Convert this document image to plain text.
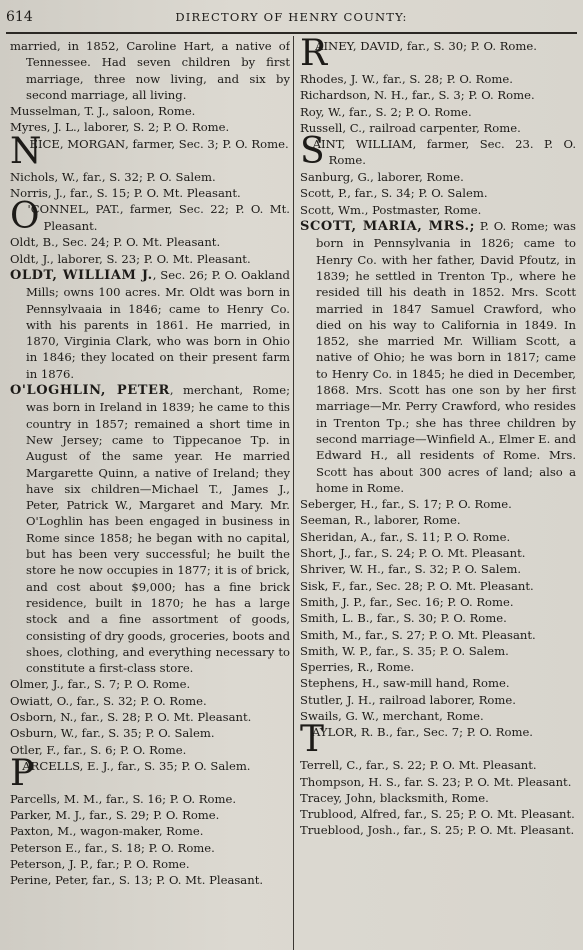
614	DIRECTORY OF HENRY COUNTY:

married, in 1852, Caroline Hart, a native of Tennessee. Had seven children by first marriage, three now living, and six by second marriage, all living.

Musselman, T. J., saloon, Rome.

Myres, J. L., laborer, S. 2; P. O. Rome.

N
EICE, MORGAN, farmer, Sec. 3; P. O. Rome.

Nichols, W., far., S. 32; P. O. Salem.

Norris, J., far., S. 15; P. O. Mt. Pleasant.

O
'CONNEL, PAT., farmer, Sec. 22; P. O. Mt. Pleasant.

Oldt, B., Sec. 24; P. O. Mt. Pleasant.

Oldt, J., laborer, S. 23; P. O. Mt. Pleasant.

OLDT, WILLIAM J., Sec. 26; P. O. Oakland Mills; owns 100 acres. Mr. Oldt was born in Pennsylvaaia in 1846; came to Henry Co. with his parents in 1861. He married, in 1870, Virginia Clark, who was born in Ohio in 1846; they located on their present farm in 1876.

O'LOGHLIN, PETER, merchant, Rome; was born in Ireland in 1839; he came to this country in 1857; remained a short time in New Jersey; came to Tippecanoe Tp. in August of the same year. He married Margarette Quinn, a native of Ireland; they have six children—Michael T., James J., Peter, Patrick W., Margaret and Mary. Mr. O'Loghlin has been engaged in business in Rome since 1858; he began with no capital, but has been very successful; he built the store he now occupies in 1877; it is of brick, and cost about $9,000; has a fine brick residence, built in 1870; he has a large stock and a fine assortment of goods, consisting of dry goods, groceries, boots and shoes, clothing, and everything necessary to constitute a first-class store.

Olmer, J., far., S. 7; P. O. Rome.

Owiatt, O., far., S. 32; P. O. Rome.

Osborn, N., far., S. 28; P. O. Mt. Pleasant.

Osburn, W., far., S. 35; P. O. Salem.

Otler, F., far., S. 6; P. O. Rome.

P
ARCELLS, E. J., far., S. 35; P. O. Salem.

Parcells, M. M., far., S. 16; P. O. Rome.

Parker, M. J., far., S. 29; P. O. Rome.

Paxton, M., wagon-maker, Rome.

Peterson E., far., S. 18; P. O. Rome.

Peterson, J. P., far.; P. O. Rome.

Perine, Peter, far., S. 13; P. O. Mt. Pleasant.

R
AINEY, DAVID, far., S. 30; P. O. Rome.

Rhodes, J. W., far., S. 28; P. O. Rome.

Richardson, N. H., far., S. 3; P. O. Rome.

Roy, W., far., S. 2; P. O. Rome.

Russell, C., railroad carpenter, Rome.

S
AINT, WILLIAM, farmer, Sec. 23. P. O. Rome.

Sanburg, G., laborer, Rome.

Scott, P., far., S. 34; P. O. Salem.

Scott, Wm., Postmaster, Rome.

SCOTT, MARIA, MRS.; P. O. Rome; was born in Pennsylvania in 1826; came to Henry Co. with her father, David Pfoutz, in 1839; he settled in Trenton Tp., where he resided till his death in 1852. Mrs. Scott married in 1847 Samuel Crawford, who died on his way to California in 1849. In 1852, she married Mr. William Scott, a native of Ohio; he was born in 1817; came to Henry Co. in 1845; he died in December, 1868. Mrs. Scott has one son by her first marriage—Mr. Perry Crawford, who resides in Trenton Tp.; she has three children by second marriage—Winfield A., Elmer E. and Edward H., all residents of Rome. Mrs. Scott has about 300 acres of land; also a home in Rome.

Seberger, H., far., S. 17; P. O. Rome.

Seeman, R., laborer, Rome.

Sheridan, A., far., S. 11; P. O. Rome.

Short, J., far., S. 24; P. O. Mt. Pleasant.

Shriver, W. H., far., S. 32; P. O. Salem.

Sisk, F., far., Sec. 28; P. O. Mt. Pleasant.

Smith, J. P., far., Sec. 16; P. O. Rome.

Smith, L. B., far., S. 30; P. O. Rome.

Smith, M., far., S. 27; P. O. Mt. Pleasant.

Smith, W. P., far., S. 35; P. O. Salem.

Sperries, R., Rome.

Stephens, H., saw-mill hand, Rome.

Stutler, J. H., railroad laborer, Rome.

Swails, G. W., merchant, Rome.

T
AYLOR, R. B., far., Sec. 7; P. O. Rome.

Terrell, C., far., S. 22; P. O. Mt. Pleasant.

Thompson, H. S., far. S. 23; P. O. Mt. Pleasant.

Tracey, John, blacksmith, Rome.

Trublood, Alfred, far., S. 25; P. O. Mt. Pleasant.

Trueblood, Josh., far., S. 25; P. O. Mt. Pleasant.
